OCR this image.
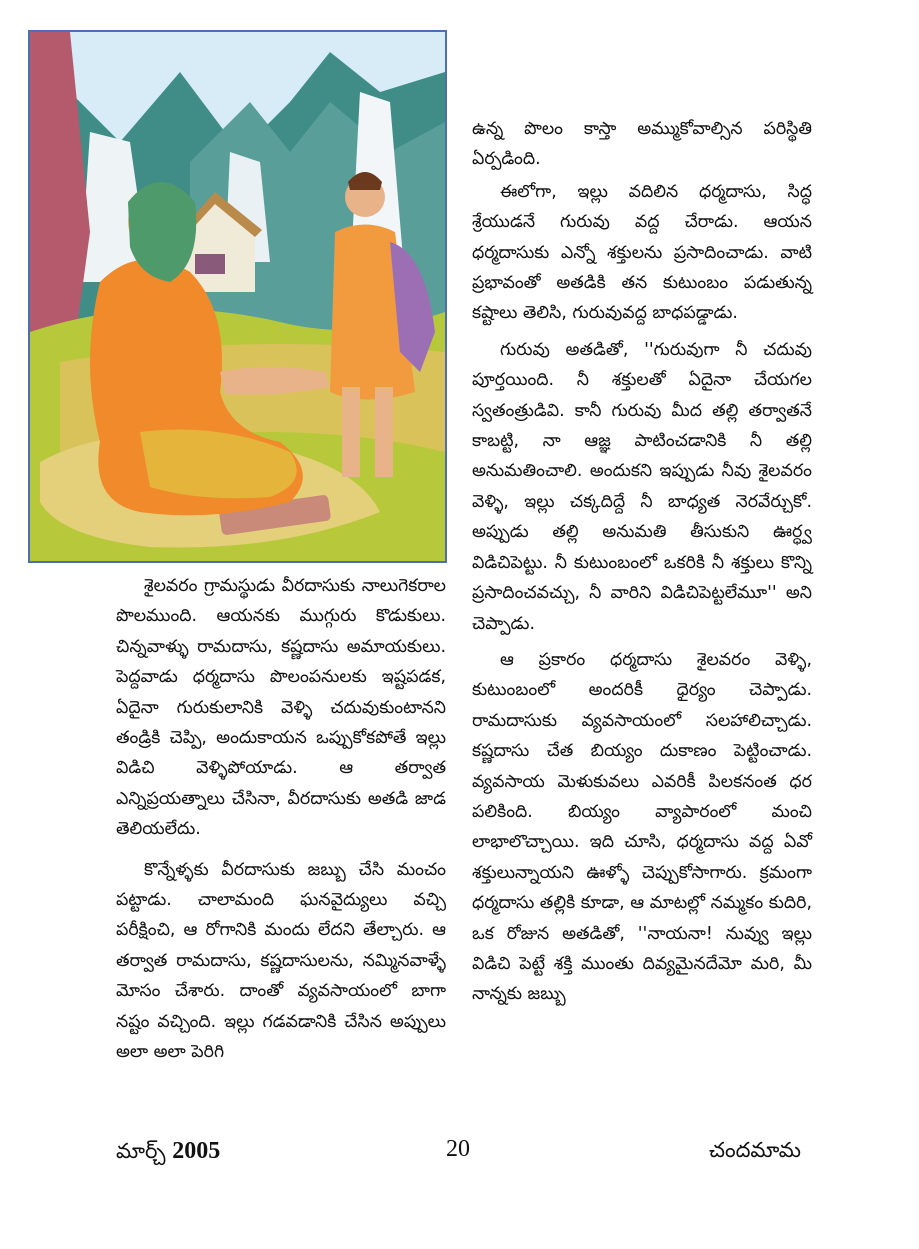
శైలవరం గ్రామస్థుడు వీరదాసుకు నాలుగెకరాల పొలముంది. ఆయనకు ముగ్గురు కొడుకులు. చిన్నవాళ్ళు రామదాసు, కష్ణదాసు అమాయకులు. పెద్దవాడు ధర్మదాసు పొలంపనులకు ఇష్టపడక, ఏదైనా గురుకులానికి వెళ్ళి చదువుకుంటానని తండ్రికి చెప్పి, అందుకాయన ఒప్పుకోకపోతే ఇల్లు విడిచి వెళ్ళిపోయాడు. ఆ తర్వాత ఎన్నిప్రయత్నాలు చేసినా, వీరదాసుకు అతడి జాడ తెలియలేదు.

కొన్నేళ్ళకు వీరదాసుకు జబ్బు చేసి మంచం పట్టాడు. చాలామంది ఘనవైద్యులు వచ్చి పరీక్షించి, ఆ రోగానికి మందు లేదని తేల్చారు. ఆ తర్వాత రామదాసు, కష్ణదాసులను, నమ్మినవాళ్ళే మోసం చేశారు. దాంతో వ్యవసాయంలో బాగా నష్టం వచ్చింది. ఇల్లు గడవడానికి చేసిన అప్పులు అలా అలా పెరిగి

ఉన్న పొలం కాస్తా అమ్ముకోవాల్సిన పరిస్థితి ఏర్పడింది.

ఈలోగా, ఇల్లు వదిలిన ధర్మదాసు, సిద్ధ శ్రేయుడనే గురువు వద్ద చేరాడు. ఆయన ధర్మదాసుకు ఎన్నో శక్తులను ప్రసాదించాడు. వాటి ప్రభావంతో అతడికి తన కుటుంబం పడుతున్న కష్టాలు తెలిసి, గురువువద్ద బాధపడ్డాడు.

గురువు అతడితో, ''గురువుగా నీ చదువు పూర్తయింది. నీ శక్తులతో ఏదైనా చేయగల స్వతంత్రుడివి. కానీ గురువు మీద తల్లి తర్వాతనే కాబట్టి, నా ఆజ్ఞ పాటించడానికి నీ తల్లి అనుమతించాలి. అందుకని ఇప్పుడు నీవు శైలవరం వెళ్ళి, ఇల్లు చక్కదిద్దే నీ బాధ్యత నెరవేర్చుకో. అప్పుడు తల్లి అనుమతి తీసుకుని ఊర్ధ్వ విడిచిపెట్టు. నీ కుటుంబంలో ఒకరికి నీ శక్తులు కొన్ని ప్రసాదించవచ్చు, నీ వారిని విడిచిపెట్టలేమూ'' అని చెప్పాడు.

ఆ ప్రకారం ధర్మదాసు శైలవరం వెళ్ళి, కుటుంబంలో అందరికీ ధైర్యం చెప్పాడు. రామదాసుకు వ్యవసాయంలో సలహాలిచ్చాడు. కష్ణదాసు చేత బియ్యం దుకాణం పెట్టించాడు. వ్యవసాయ మెళుకువలు ఎవరికీ పిలకనంత ధర పలికింది. బియ్యం వ్యాపారంలో మంచి లాభాలొచ్చాయి. ఇది చూసి, ధర్మదాసు వద్ద ఏవో శక్తులున్నాయని ఊళ్ళో చెప్పుకోసాగారు. క్రమంగా ధర్మదాసు తల్లికి కూడా, ఆ మాటల్లో నమ్మకం కుదిరి, ఒక రోజున అతడితో, ''నాయనా! నువ్వు ఇల్లు విడిచి పెట్టే శక్తి ముంతు దివ్యమైనదేమో మరి, మీ నాన్నకు జబ్బు

మార్చ్ 2005	20	చందమామ
